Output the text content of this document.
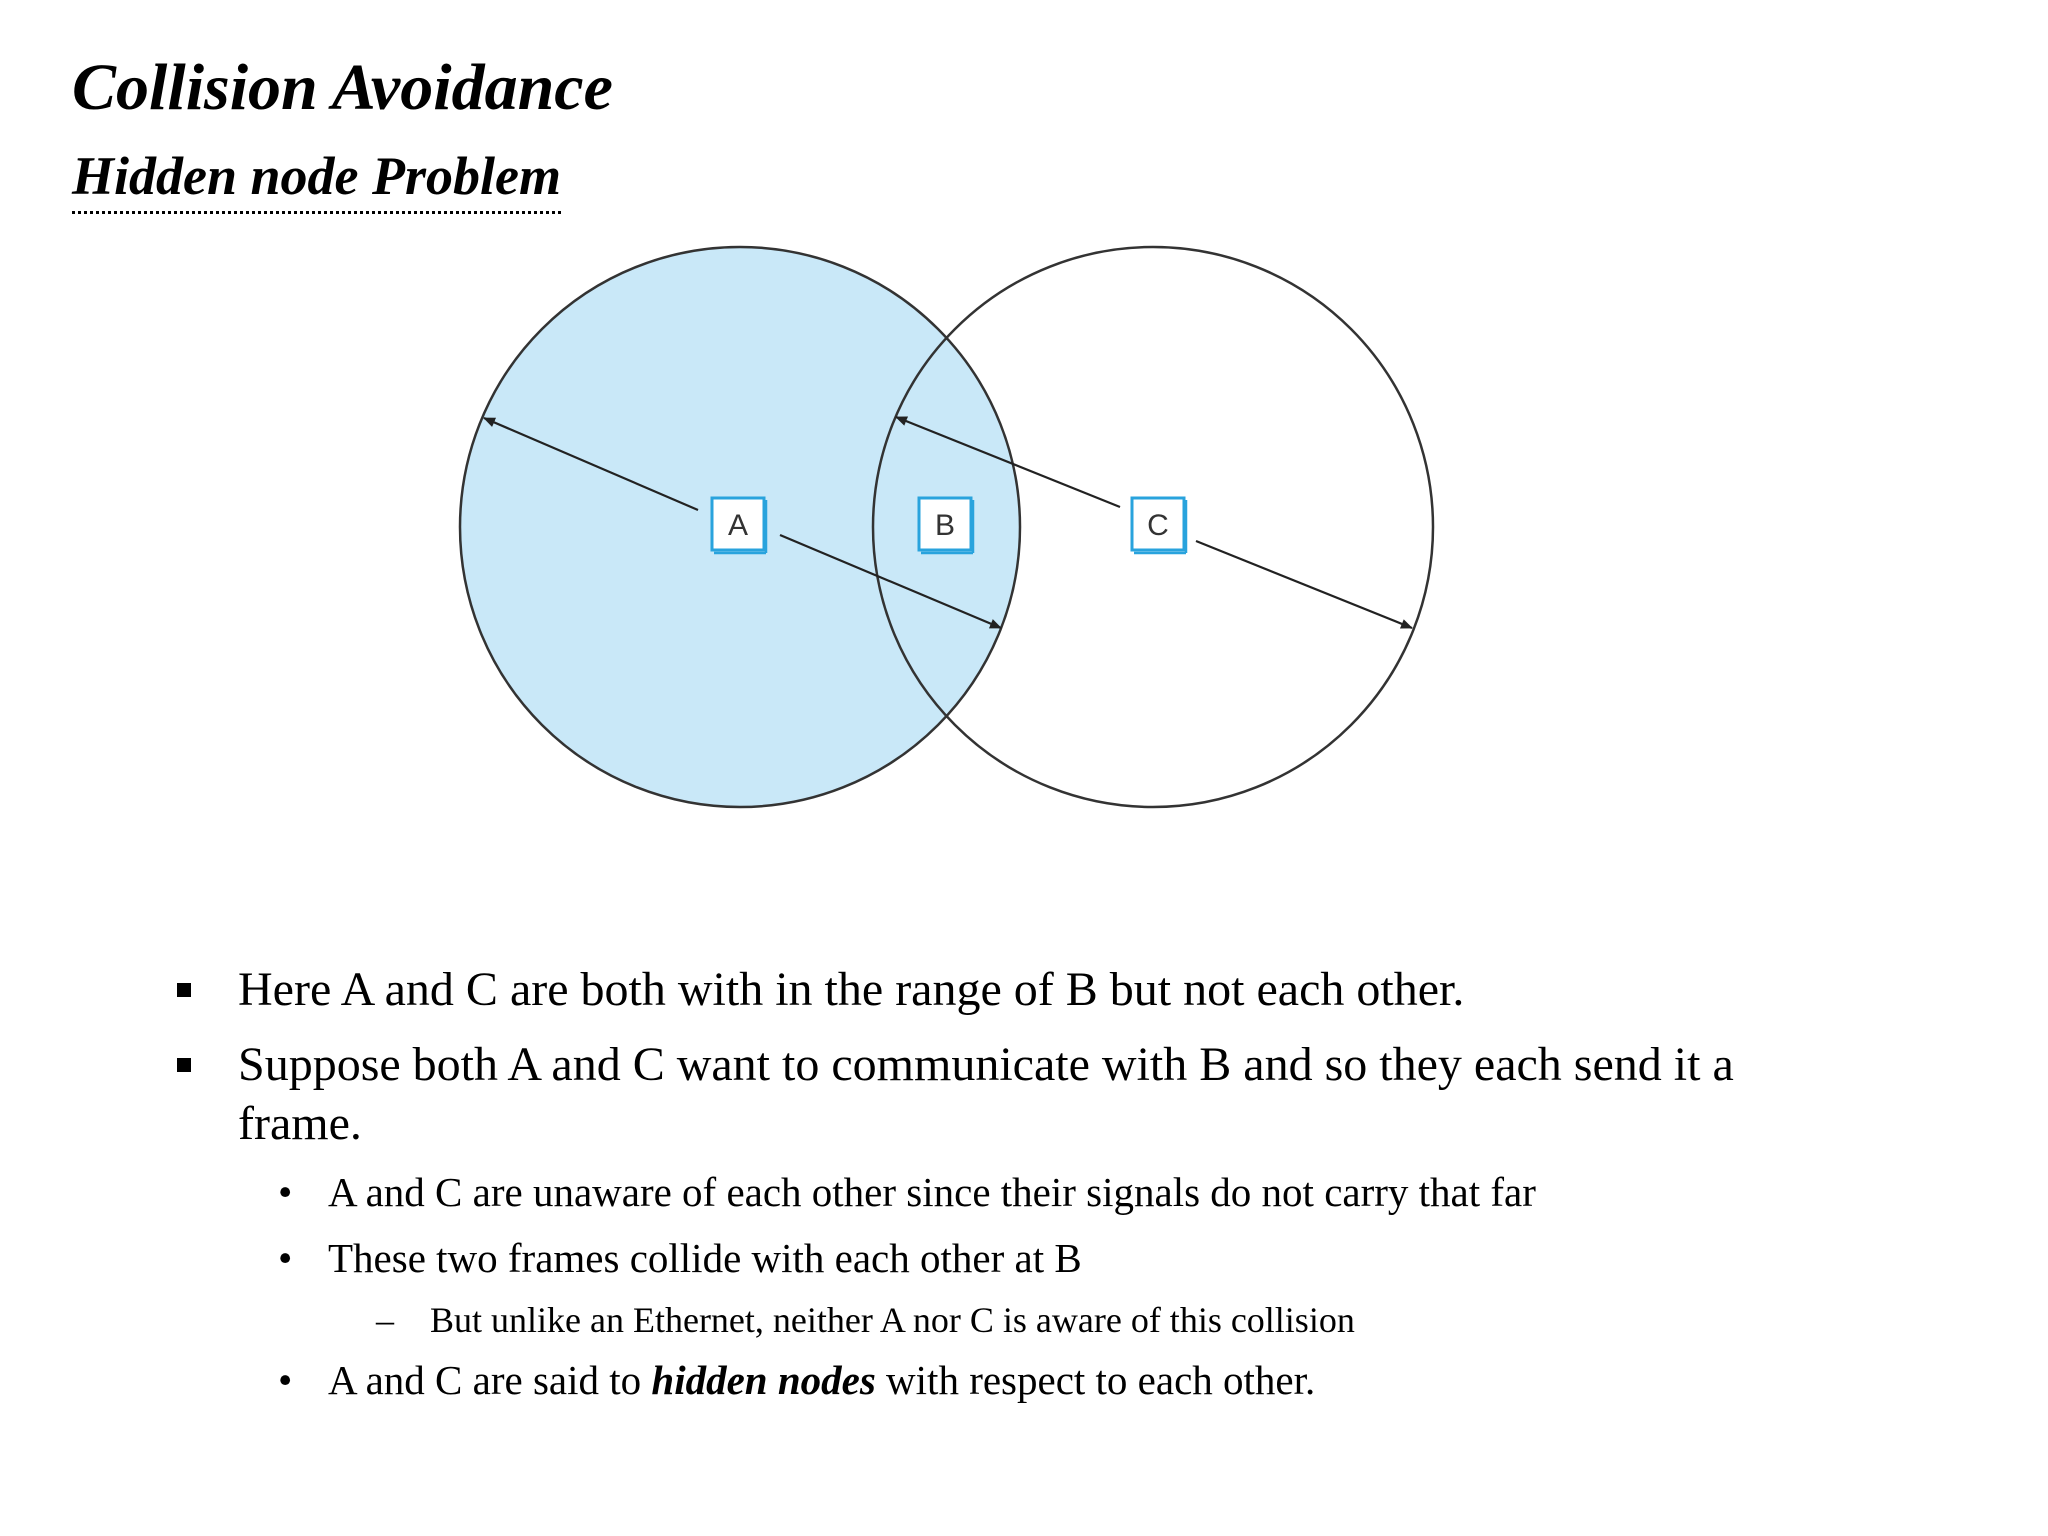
Collision Avoidance
Hidden node Problem
A	B	C
Here A and C are both with in the range of B but not each other.
Suppose both A and C want to communicate with B and so they each send it a
frame.
• A and C are unaware of each other since their signals do not carry that far
• These two frames collide with each other at B
– But unlike an Ethernet, neither A nor C is aware of this collision
• A and C are said to hidden nodes with respect to each other.
